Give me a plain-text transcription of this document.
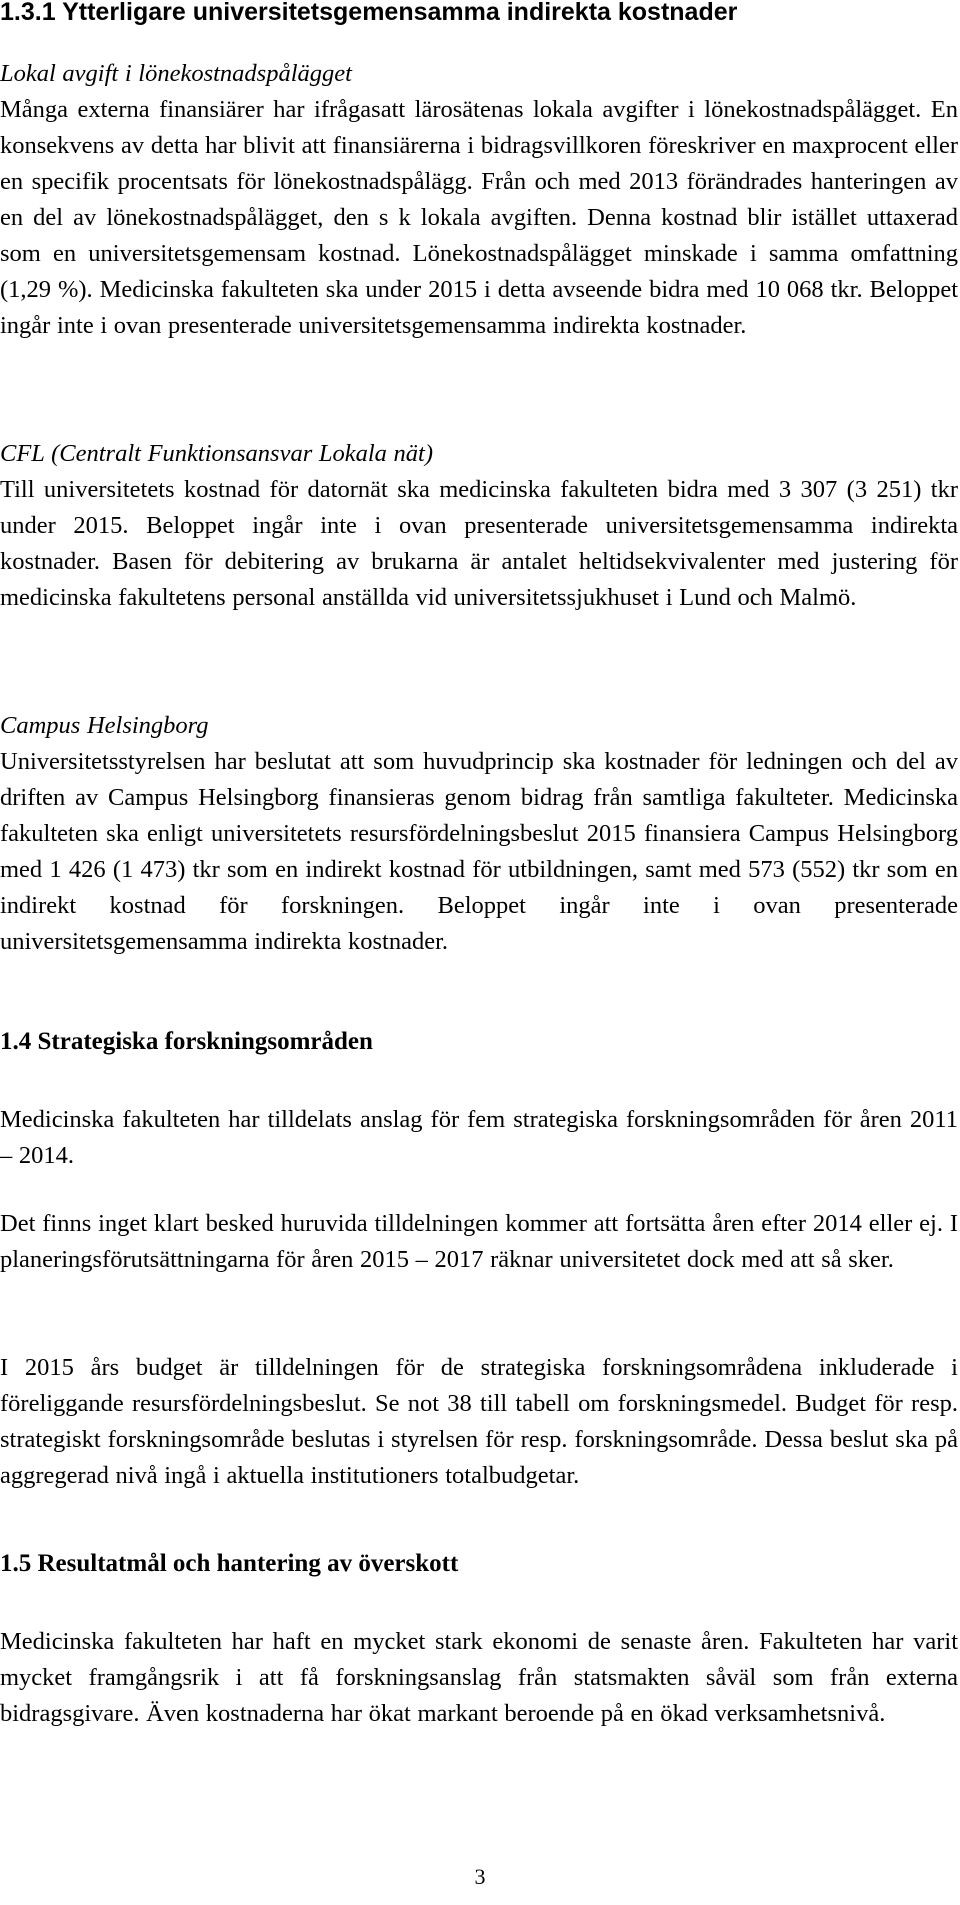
1.3.1 Ytterligare universitetsgemensamma indirekta kostnader

Lokal avgift i lönekostnadspålägget
Många externa finansiärer har ifrågasatt lärosätenas lokala avgifter i lönekostnadspålägget. En konsekvens av detta har blivit att finansiärerna i bidragsvillkoren föreskriver en maxprocent eller en specifik procentsats för lönekostnadspålägg. Från och med 2013 förändrades hanteringen av en del av lönekostnadspålägget, den s k lokala avgiften. Denna kostnad blir istället uttaxerad som en universitetsgemensam kostnad. Lönekostnadspålägget minskade i samma omfattning (1,29 %). Medicinska fakulteten ska under 2015 i detta avseende bidra med 10 068 tkr. Beloppet ingår inte i ovan presenterade universitetsgemensamma indirekta kostnader.

CFL (Centralt Funktionsansvar Lokala nät)
Till universitetets kostnad för datornät ska medicinska fakulteten bidra med 3 307 (3 251) tkr under 2015. Beloppet ingår inte i ovan presenterade universitetsgemensamma indirekta kostnader. Basen för debitering av brukarna är antalet heltidsekvivalenter med justering för medicinska fakultetens personal anställda vid universitetssjukhuset i Lund och Malmö.

Campus Helsingborg
Universitetsstyrelsen har beslutat att som huvudprincip ska kostnader för ledningen och del av driften av Campus Helsingborg finansieras genom bidrag från samtliga fakulteter. Medicinska fakulteten ska enligt universitetets resursfördelningsbeslut 2015 finansiera Campus Helsingborg med 1 426 (1 473) tkr som en indirekt kostnad för utbildningen, samt med 573 (552) tkr som en indirekt kostnad för forskningen. Beloppet ingår inte i ovan presenterade universitetsgemensamma indirekta kostnader.

1.4 Strategiska forskningsområden

Medicinska fakulteten har tilldelats anslag för fem strategiska forskningsområden för åren 2011 – 2014.

Det finns inget klart besked huruvida tilldelningen kommer att fortsätta åren efter 2014 eller ej. I planeringsförutsättningarna för åren 2015 – 2017 räknar universitetet dock med att så sker.

I 2015 års budget är tilldelningen för de strategiska forskningsområdena inkluderade i föreliggande resursfördelningsbeslut. Se not 38 till tabell om forskningsmedel. Budget för resp. strategiskt forskningsområde beslutas i styrelsen för resp. forskningsområde. Dessa beslut ska på aggregerad nivå ingå i aktuella institutioners totalbudgetar.

1.5 Resultatmål och hantering av överskott

Medicinska fakulteten har haft en mycket stark ekonomi de senaste åren. Fakulteten har varit mycket framgångsrik i att få forskningsanslag från statsmakten såväl som från externa bidragsgivare. Även kostnaderna har ökat markant beroende på en ökad verksamhetsnivå.

3
